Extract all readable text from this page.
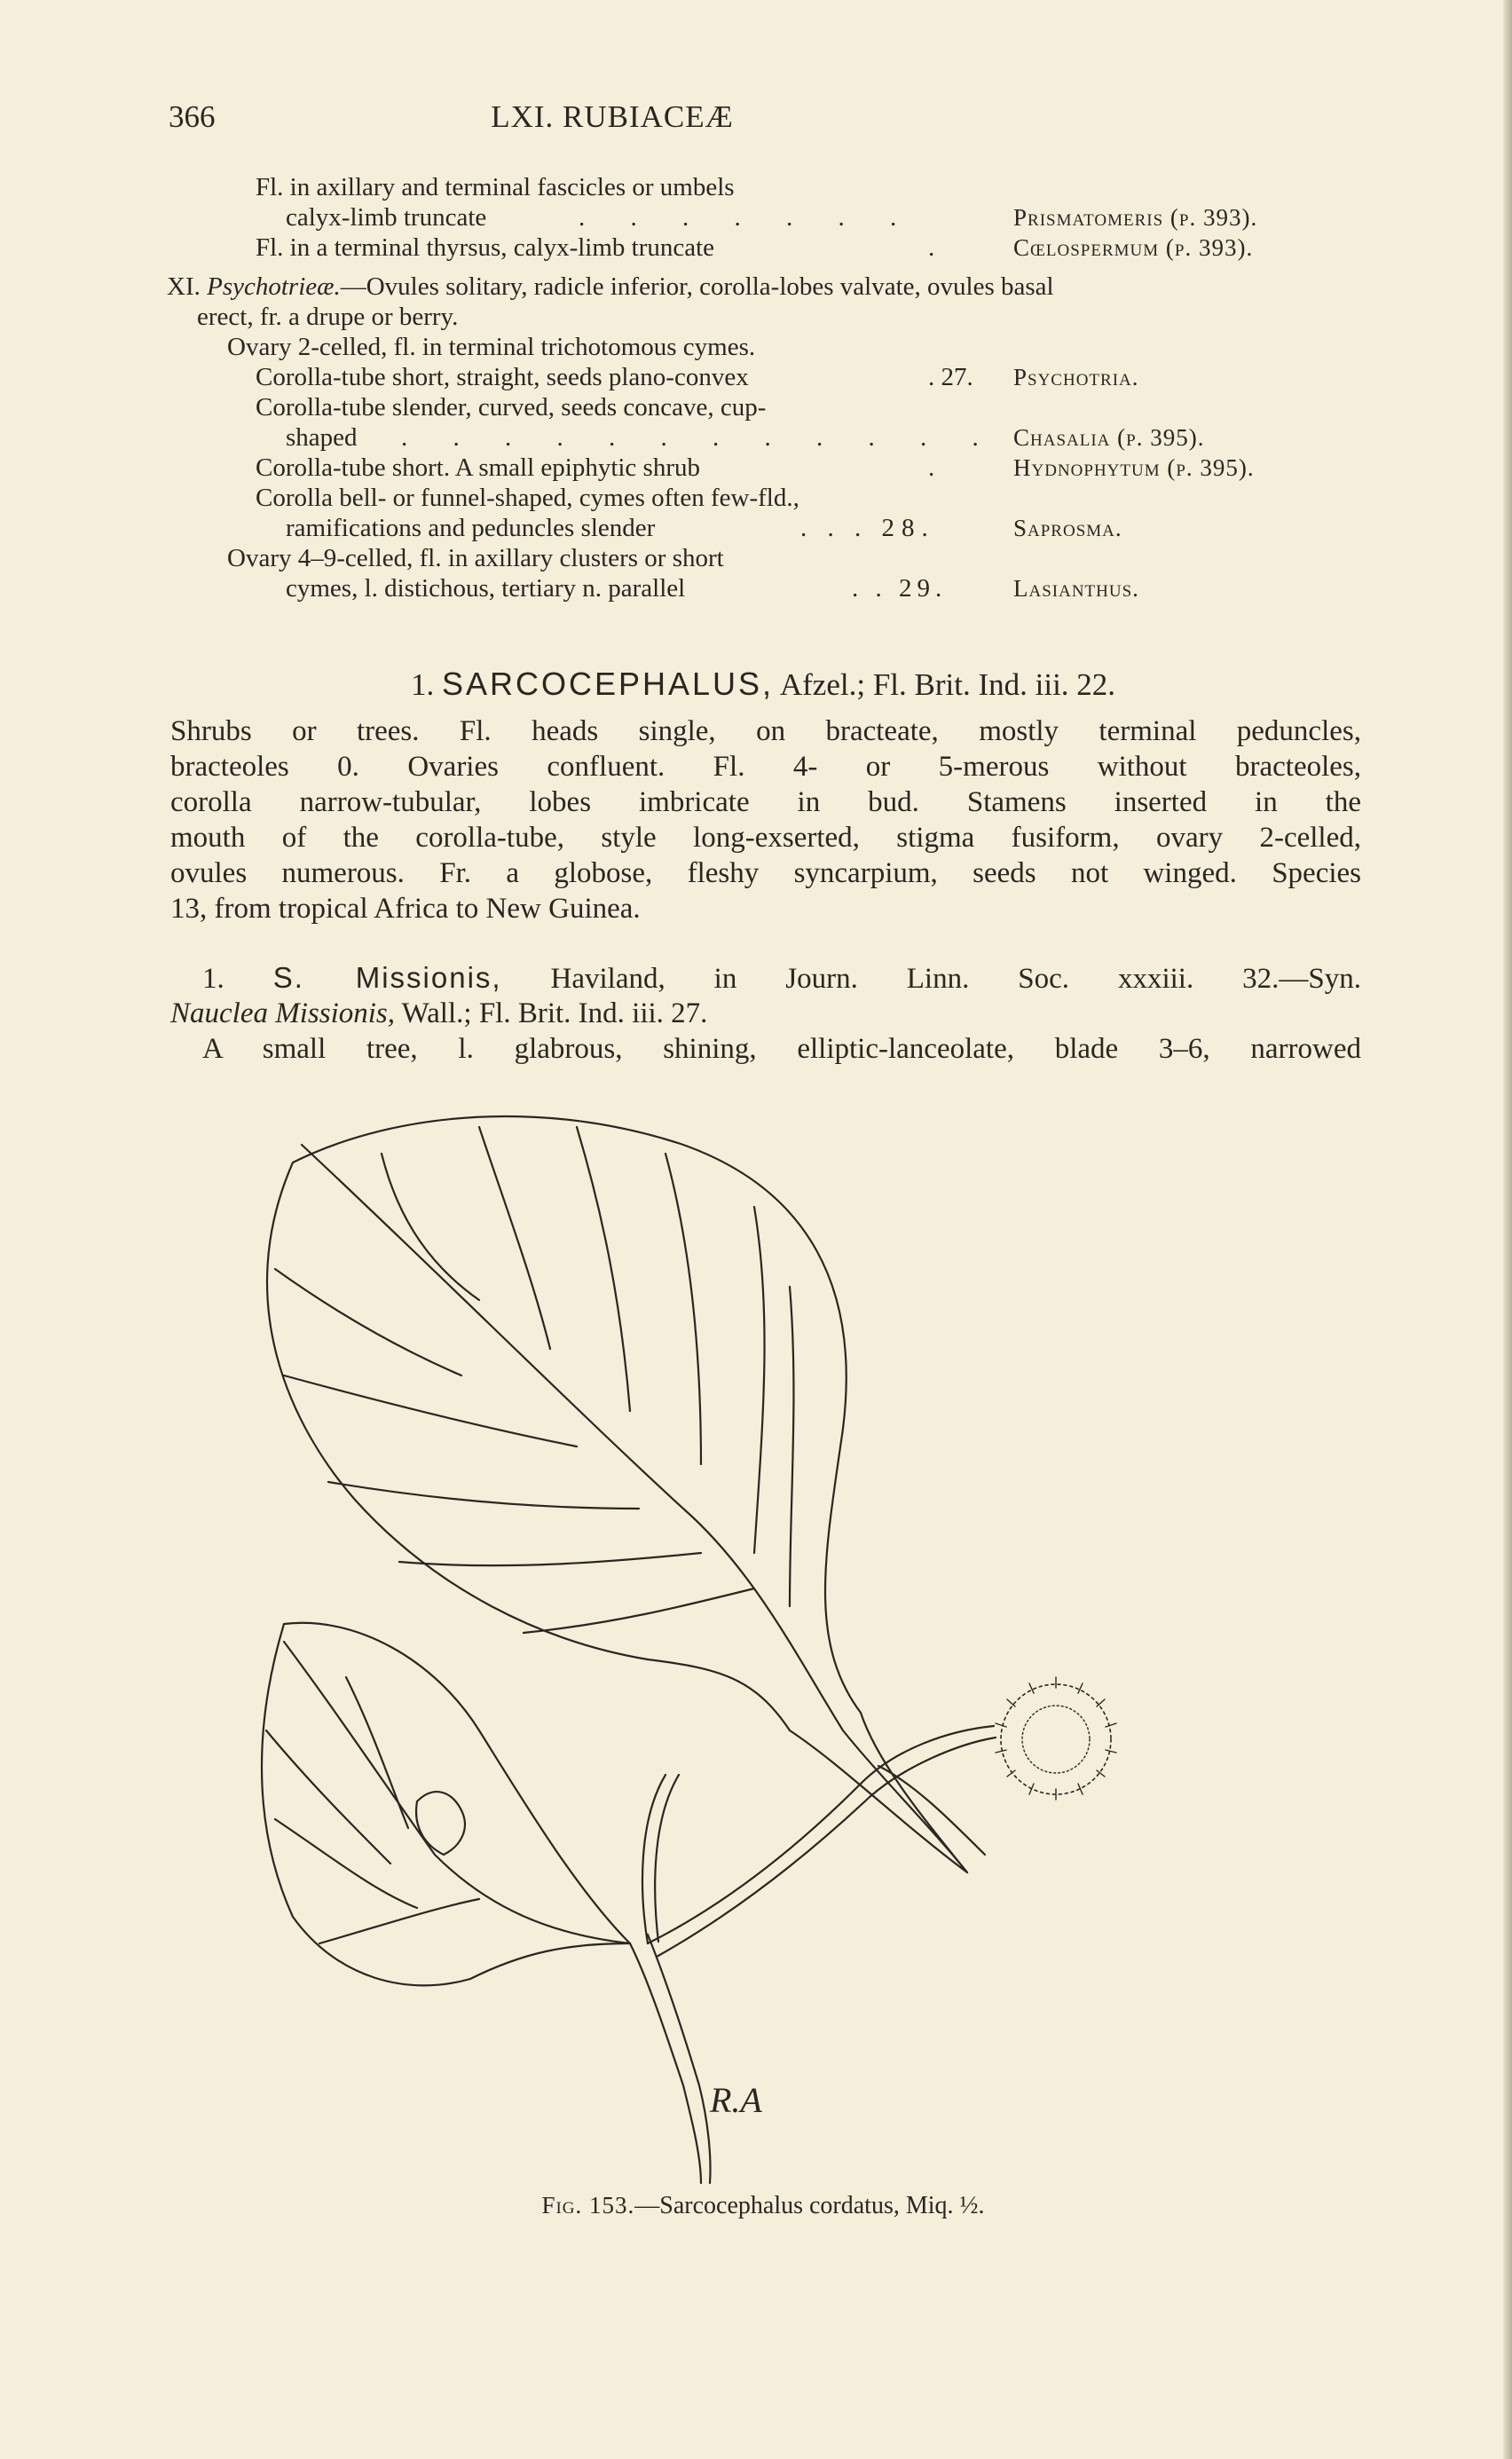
366	LXI. RUBIACEÆ
Fl. in axillary and terminal fascicles or umbels
calyx-limb truncate	. . . . . . .	Prismatomeris (p. 393).
Fl. in a terminal thyrsus, calyx-limb truncate	.	Cœlospermum (p. 393).
XI. Psychotrieæ.—Ovules solitary, radicle inferior, corolla-lobes valvate, ovules basal
erect, fr. a drupe or berry.
Ovary 2-celled, fl. in terminal trichotomous cymes.
Corolla-tube short, straight, seeds plano-convex	. 27. Psychotria.
Corolla-tube slender, curved, seeds concave, cup-
shaped . . . . . . . . . . . . Chasalia (p. 395).
Corolla-tube short. A small epiphytic shrub	.	Hydnophytum (p. 395).
Corolla bell- or funnel-shaped, cymes often few-fld.,
ramifications and peduncles slender	. . . 28.	Saprosma.
Ovary 4–9-celled, fl. in axillary clusters or short
cymes, l. distichous, tertiary n. parallel	. . 29.	Lasianthus.
1. SARCOCEPHALUS, Afzel.; Fl. Brit. Ind. iii. 22.
Shrubs or trees. Fl. heads single, on bracteate, mostly terminal peduncles,
bracteoles 0. Ovaries confluent. Fl. 4- or 5-merous without bracteoles,
corolla narrow-tubular, lobes imbricate in bud. Stamens inserted in the
mouth of the corolla-tube, style long-exserted, stigma fusiform, ovary 2-celled,
ovules numerous. Fr. a globose, fleshy syncarpium, seeds not winged. Species
13, from tropical Africa to New Guinea.
1. S. Missionis, Haviland, in Journ. Linn. Soc. xxxiii. 32.—Syn.
Nauclea Missionis, Wall.; Fl. Brit. Ind. iii. 27.
A small tree, l. glabrous, shining, elliptic-lanceolate, blade 3–6, narrowed
R.A
Fig. 153.—Sarcocephalus cordatus, Miq. ½.
